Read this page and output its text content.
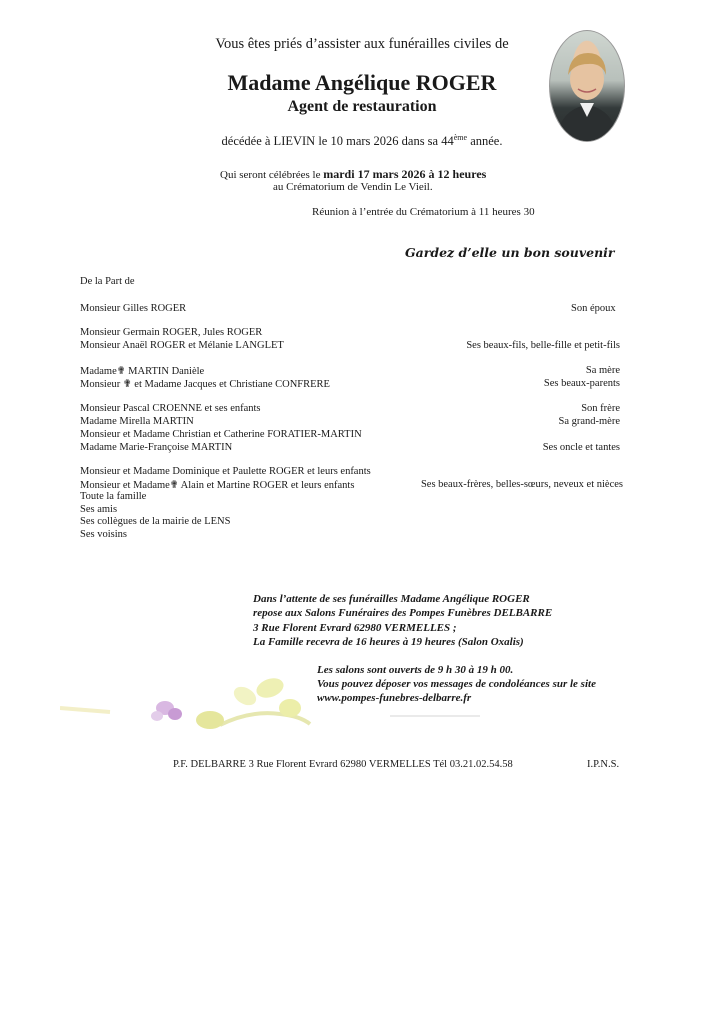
Vous êtes priés d’assister aux funérailles civiles de
Madame Angélique ROGER
Agent de restauration
décédée à LIEVIN le 10 mars 2026 dans sa 44ème année.
Qui seront célébrées le mardi 17 mars 2026 à 12 heures
au Crématorium de Vendin Le Vieil.
Réunion à l’entrée du Crématorium à 11 heures 30
Gardez d’elle un bon souvenir
De la Part de
Monsieur Gilles ROGER	Son époux
Monsieur Germain ROGER, Jules ROGER
Monsieur Anaël ROGER et Mélanie LANGLET	Ses beaux-fils, belle-fille et petit-fils
Madame✟ MARTIN Danièle	Sa mère
Monsieur ✟ et Madame Jacques et Christiane CONFRERE	Ses beaux-parents
Monsieur Pascal CROENNE et ses enfants	Son frère
Madame Mirella MARTIN	Sa grand-mère
Monsieur et Madame Christian et Catherine FORATIER-MARTIN
Madame Marie-Françoise MARTIN	Ses oncle et tantes
Monsieur et Madame Dominique et Paulette ROGER et leurs enfants
Monsieur et Madame✟ Alain et Martine ROGER et leurs enfants	Ses beaux-frères, belles-sœurs, neveux et nièces
Toute la famille
Ses amis
Ses collègues de la mairie de LENS
Ses voisins
Dans l’attente de ses funérailles Madame Angélique ROGER
repose aux Salons Funéraires des Pompes Funèbres DELBARRE
3 Rue Florent Evrard 62980 VERMELLES ;
La Famille recevra de 16 heures à 19 heures (Salon Oxalis)
Les salons sont ouverts de 9 h 30 à 19 h 00.
Vous pouvez déposer vos messages de condoléances sur le site
www.pompes-funebres-delbarre.fr
P.F. DELBARRE 3 Rue Florent Evrard 62980 VERMELLES Tél 03.21.02.54.58	I.P.N.S.
